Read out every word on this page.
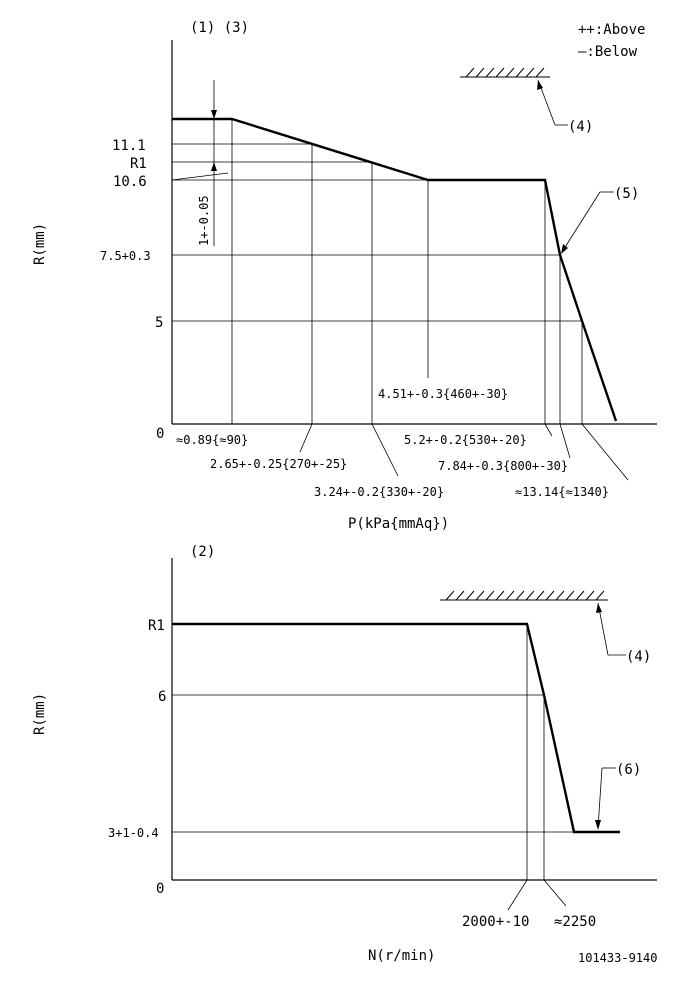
++:Above
—:Below
(1) (3)
R(mm)
P(kPa{mmAq})
1+-0.05
11.1
R1
10.6
7.5+0.3
5
0 ≈0.89{≈90}
2.65+-0.25{270+-25}
3.24+-0.2{330+-20}
4.51+-0.3{460+-30}
5.2+-0.2{530+-20}
7.84+-0.3{800+-30}
≈13.14{≈1340}
(4)
(5)
(2)
R(mm)
N(r/min)
R1
6
3+1-0.4
0
2000+-10 ≈2250
(4)
(6)
101433-9140
